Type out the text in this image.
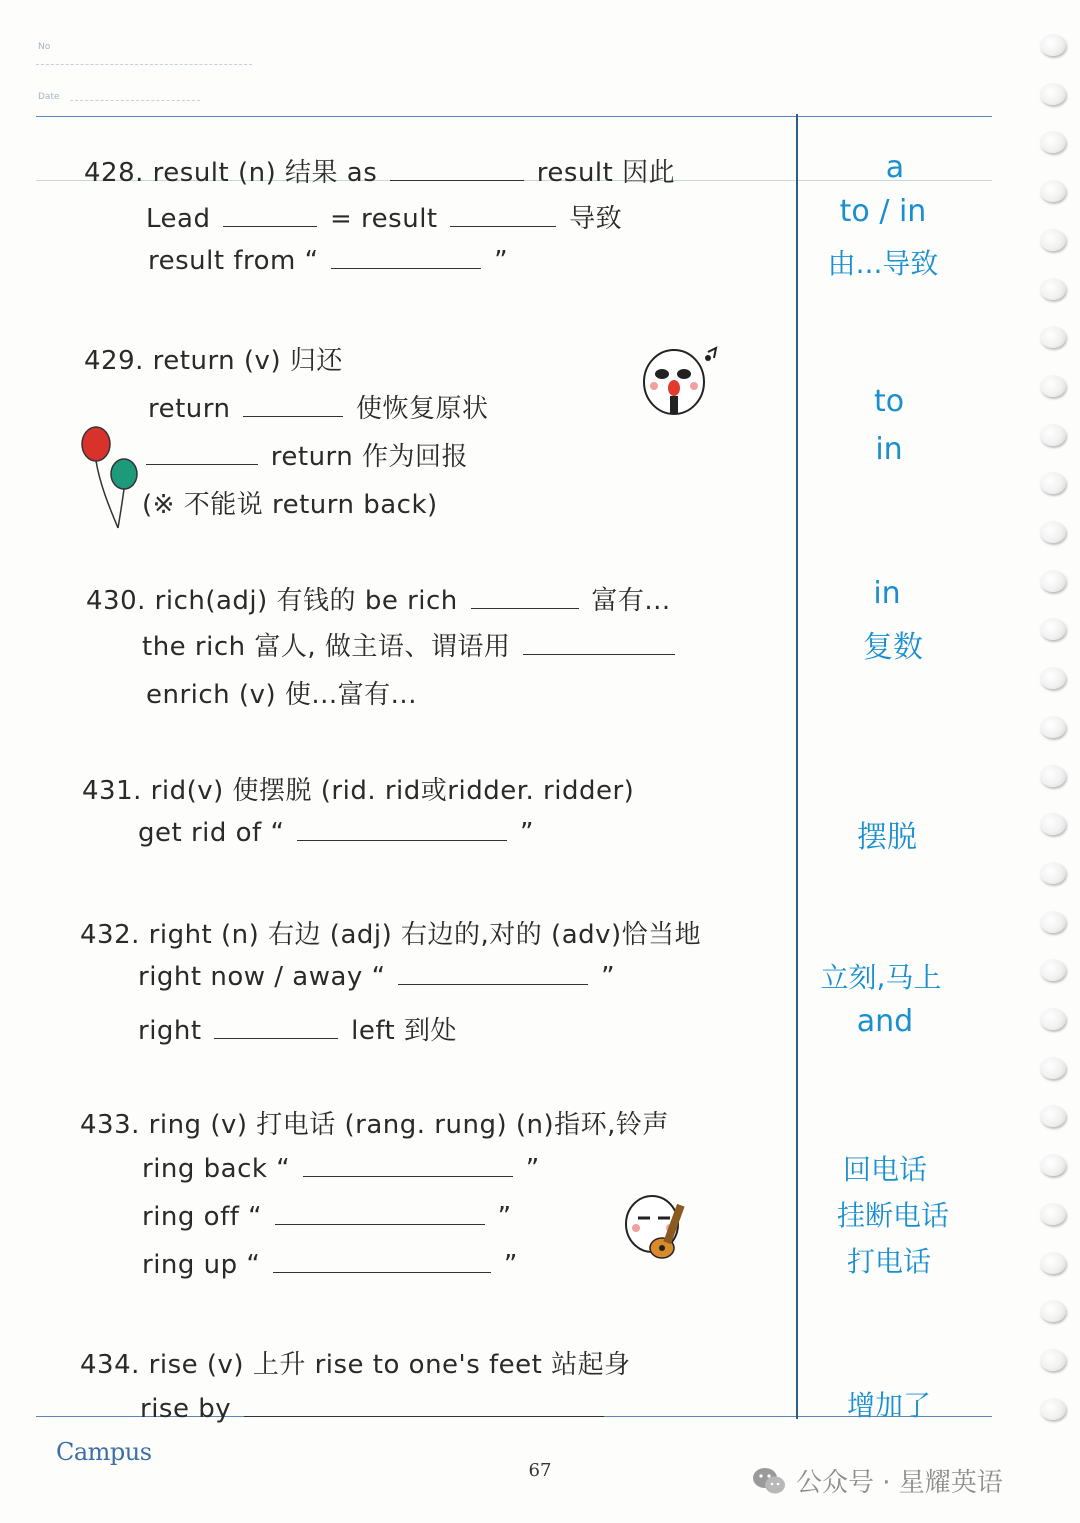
No
Date
428. result (n) 结果 as	result 因此
Lead	= result	导致
result from “	”
429. return (v) 归还
return	使恢复原状
return 作为回报
(※ 不能说 return back)
430. rich(adj) 有钱的 be rich	富有...
the rich 富人, 做主语、谓语用
enrich (v) 使...富有...
431. rid(v) 使摆脱 (rid. rid或ridder. ridder)
get rid of “	”
432. right (n) 右边 (adj) 右边的,对的 (adv)恰当地
right now / away “	”
right	left 到处
433. ring (v) 打电话 (rang. rung) (n)指环,铃声
ring back “	”
ring off “	”
ring up “	”
434. rise (v) 上升 rise to one's feet 站起身
rise by
a
to / in
由...导致
to
in
in
复数
摆脱
立刻,马上
and
回电话
挂断电话
打电话
增加了
Campus
67	公众号 · 星耀英语
